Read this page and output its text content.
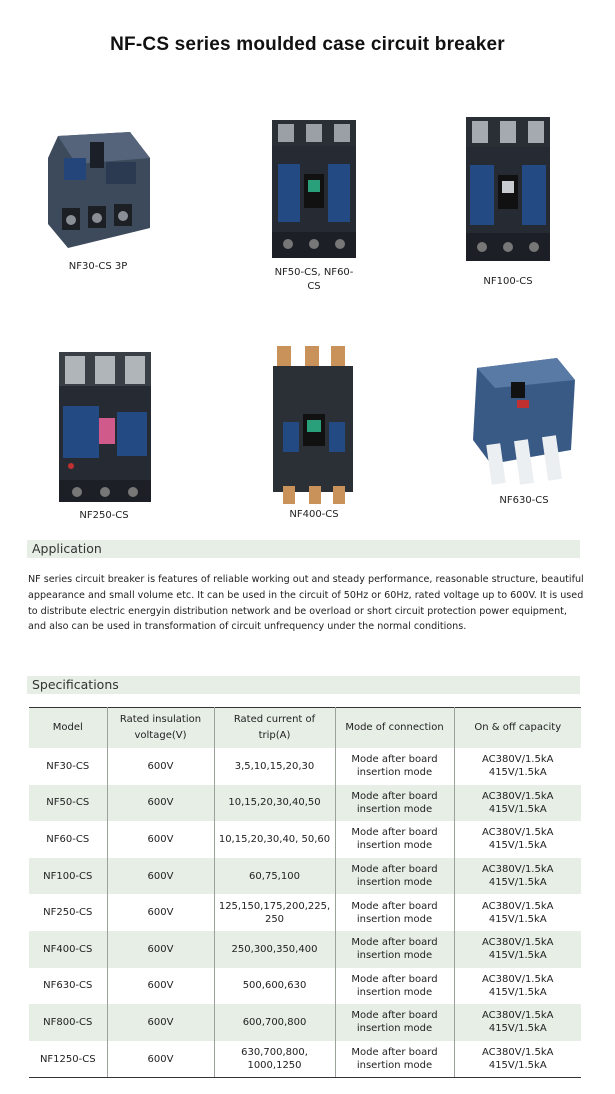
NF-CS series moulded case circuit breaker
NF30-CS 3P
NF50-CS, NF60-
CS	NF100-CS
NF250-CS	NF400-CS
NF630-CS
Application
NF series circuit breaker is features of reliable working out and steady performance, reasonable structure, beautiful appearance and small volume etc. It can be used in the circuit of 50Hz or 60Hz, rated voltage up to 600V. It is used to distribute electric energyin distribution network and be overload or short circuit protection power equipment, and also can be used in transformation of circuit unfrequency under the normal conditions.
Specifications
Model	Rated insulation voltage(V)	Rated current of trip(A)	Mode of connection	On & off capacity
NF30-CS	600V	3,5,10,15,20,30	Mode after board insertion mode	AC380V/1.5kA 415V/1.5kA
NF50-CS	600V	10,15,20,30,40,50	Mode after board insertion mode	AC380V/1.5kA 415V/1.5kA
NF60-CS	600V	10,15,20,30,40, 50,60	Mode after board insertion mode	AC380V/1.5kA 415V/1.5kA
NF100-CS	600V	60,75,100	Mode after board insertion mode	AC380V/1.5kA 415V/1.5kA
NF250-CS	600V	125,150,175,200,225, 250	Mode after board insertion mode	AC380V/1.5kA 415V/1.5kA
NF400-CS	600V	250,300,350,400	Mode after board insertion mode	AC380V/1.5kA 415V/1.5kA
NF630-CS	600V	500,600,630	Mode after board insertion mode	AC380V/1.5kA 415V/1.5kA
NF800-CS	600V	600,700,800	Mode after board insertion mode	AC380V/1.5kA 415V/1.5kA
NF1250-CS	600V	630,700,800, 1000,1250	Mode after board insertion mode	AC380V/1.5kA 415V/1.5kA
